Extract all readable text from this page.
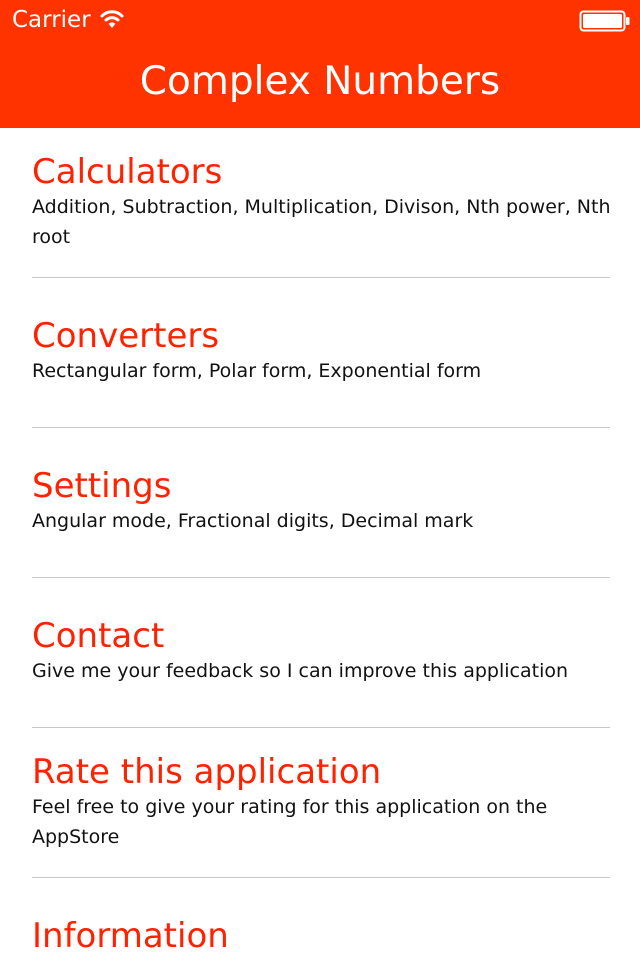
Carrier
Complex Numbers
Calculators
Addition, Subtraction, Multiplication, Divison, Nth power, Nth root
Converters
Rectangular form, Polar form, Exponential form
Settings
Angular mode, Fractional digits, Decimal mark
Contact
Give me your feedback so I can improve this application
Rate this application
Feel free to give your rating for this application on the AppStore
Information
